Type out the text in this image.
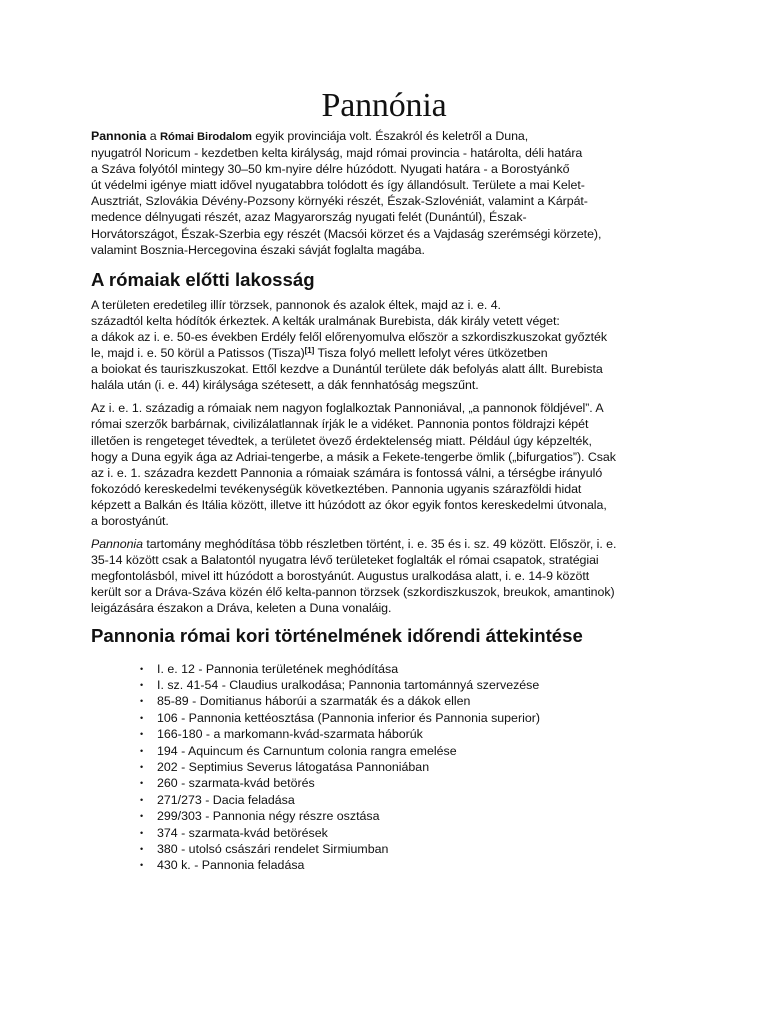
Pannónia

Pannonia a Római Birodalom egyik provinciája volt. Északról és keletről a Duna,
nyugatról Noricum - kezdetben kelta királyság, majd római provincia - határolta, déli határa
a Száva folyótól mintegy 30–50 km-nyire délre húzódott. Nyugati határa - a Borostyánkő
út védelmi igénye miatt idővel nyugatabbra tolódott és így állandósult. Területe a mai Kelet-
Ausztriát, Szlovákia Dévény-Pozsony környéki részét, Észak-Szlovéniát, valamint a Kárpát-
medence délnyugati részét, azaz Magyarország nyugati felét (Dunántúl), Észak-
Horvátországot, Észak-Szerbia egy részét (Macsói körzet és a Vajdaság szerémségi körzete),
valamint Bosznia-Hercegovina északi sávját foglalta magába.

A rómaiak előtti lakosság

A területen eredetileg illír törzsek, pannonok és azalok éltek, majd az i. e. 4.
századtól kelta hódítók érkeztek. A kelták uralmának Burebista, dák király vetett véget:
a dákok az i. e. 50-es években Erdély felől előrenyomulva először a szkordiszkuszokat győzték
le, majd i. e. 50 körül a Patissos (Tisza)[1] Tisza folyó mellett lefolyt véres ütközetben
a boiokat és tauriszkuszokat. Ettől kezdve a Dunántúl területe dák befolyás alatt állt. Burebista
halála után (i. e. 44) királysága szétesett, a dák fennhatóság megszűnt.

Az i. e. 1. századig a rómaiak nem nagyon foglalkoztak Pannoniával, „a pannonok földjével”. A
római szerzők barbárnak, civilizálatlannak írják le a vidéket. Pannonia pontos földrajzi képét
illetően is rengeteget tévedtek, a területet övező érdektelenség miatt. Például úgy képzelték,
hogy a Duna egyik ága az Adriai-tengerbe, a másik a Fekete-tengerbe ömlik („bifurgatios”). Csak
az i. e. 1. századra kezdett Pannonia a rómaiak számára is fontossá válni, a térségbe irányuló
fokozódó kereskedelmi tevékenységük következtében. Pannonia ugyanis szárazföldi hidat
képzett a Balkán és Itália között, illetve itt húzódott az ókor egyik fontos kereskedelmi útvonala,
a borostyánút.

Pannonia tartomány meghódítása több részletben történt, i. e. 35 és i. sz. 49 között. Először, i. e.
35-14 között csak a Balatontól nyugatra lévő területeket foglalták el római csapatok, stratégiai
megfontolásból, mivel itt húzódott a borostyánút. Augustus uralkodása alatt, i. e. 14-9 között
került sor a Dráva-Száva közén élő kelta-pannon törzsek (szkordiszkuszok, breukok, amantinok)
leigázására északon a Dráva, keleten a Duna vonaláig.

Pannonia római kori történelmének időrendi áttekintése
• I. e. 12 - Pannonia területének meghódítása
• I. sz. 41-54 - Claudius uralkodása; Pannonia tartománnyá szervezése
• 85-89 - Domitianus háborúi a szarmaták és a dákok ellen
• 106 - Pannonia kettéosztása (Pannonia inferior és Pannonia superior)
• 166-180 - a markomann-kvád-szarmata háborúk
• 194 - Aquincum és Carnuntum colonia rangra emelése
• 202 - Septimius Severus látogatása Pannoniában
• 260 - szarmata-kvád betörés
• 271/273 - Dacia feladása
• 299/303 - Pannonia négy részre osztása
• 374 - szarmata-kvád betörések
• 380 - utolsó császári rendelet Sirmiumban
• 430 k. - Pannonia feladása
